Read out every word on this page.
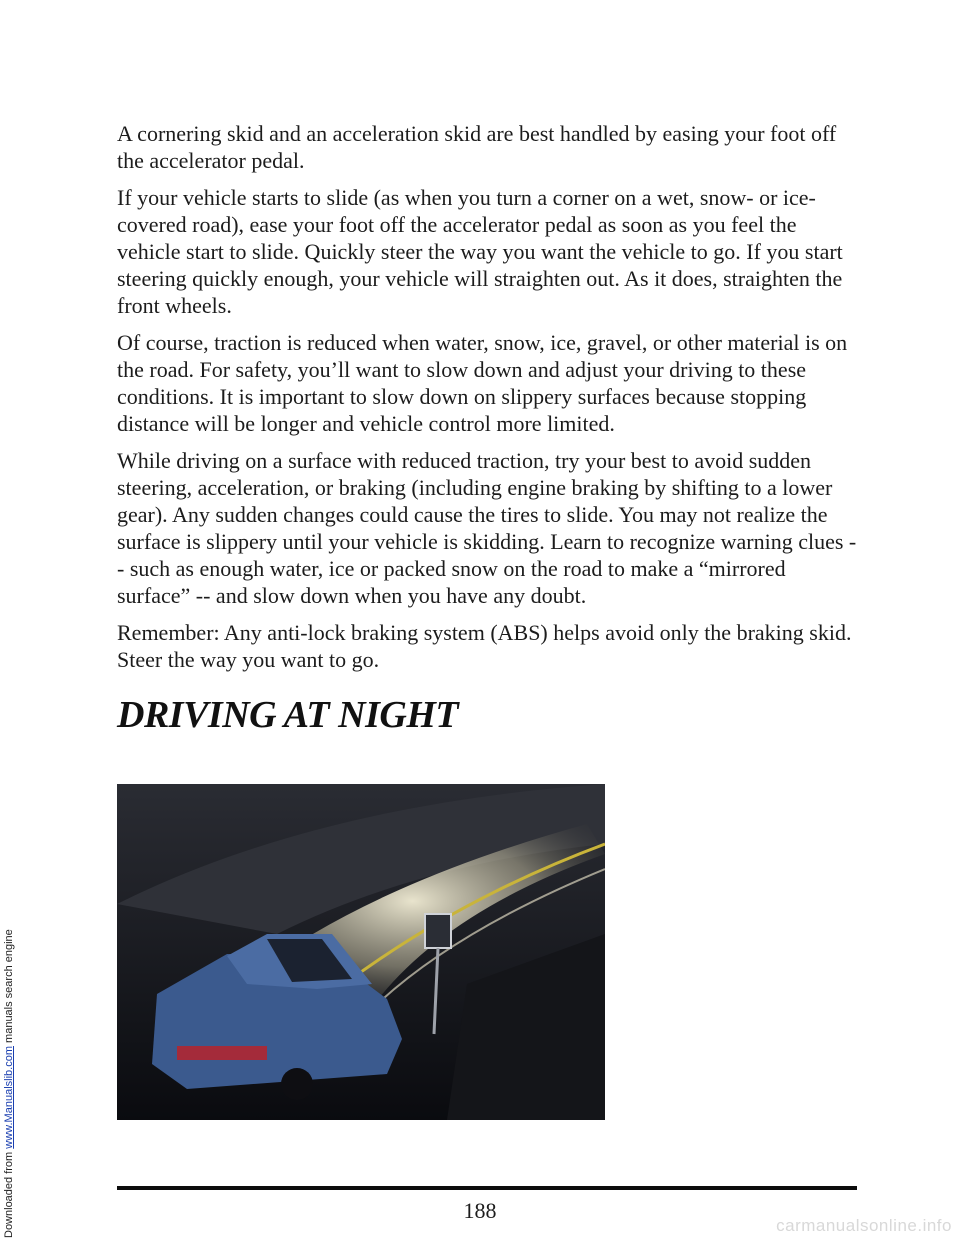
Downloaded from www.Manualslib.com manuals search engine

A cornering skid and an acceleration skid are best handled by easing your foot off the accelerator pedal.

If your vehicle starts to slide (as when you turn a corner on a wet, snow- or ice-covered road), ease your foot off the accelerator pedal as soon as you feel the vehicle start to slide. Quickly steer the way you want the vehicle to go. If you start steering quickly enough, your vehicle will straighten out. As it does, straighten the front wheels.

Of course, traction is reduced when water, snow, ice, gravel, or other material is on the road. For safety, you’ll want to slow down and adjust your driving to these conditions. It is important to slow down on slippery surfaces because stopping distance will be longer and vehicle control more limited.

While driving on a surface with reduced traction, try your best to avoid sudden steering, acceleration, or braking (including engine braking by shifting to a lower gear). Any sudden changes could cause the tires to slide. You may not realize the surface is slippery until your vehicle is skidding. Learn to recognize warning clues -- such as enough water, ice or packed snow on the road to make a “mirrored surface” -- and slow down when you have any doubt.

Remember: Any anti-lock braking system (ABS) helps avoid only the braking skid. Steer the way you want to go.

DRIVING AT NIGHT
188
carmanualsonline.info
